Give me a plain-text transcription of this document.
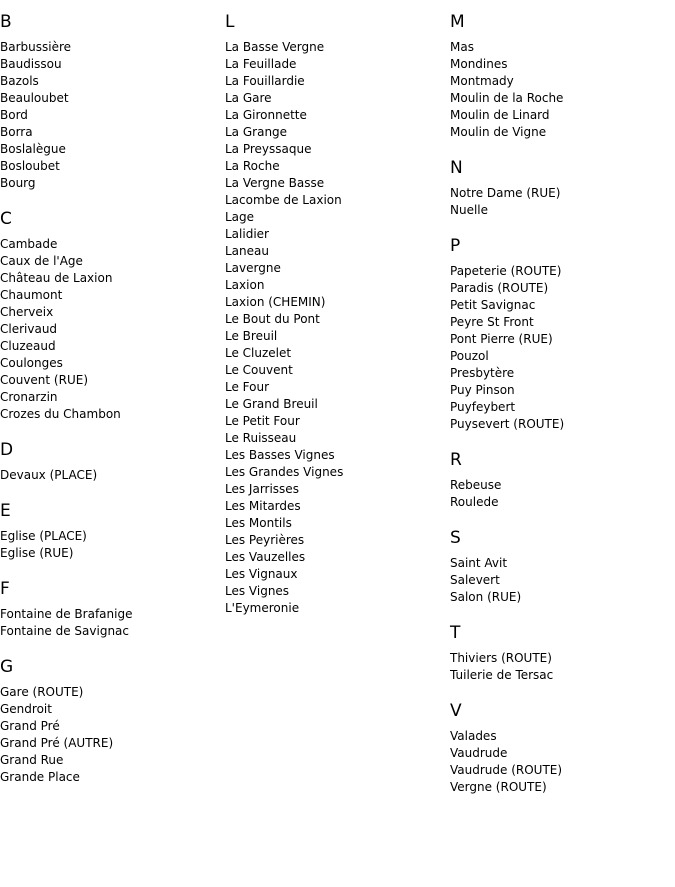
B
Barbussière
Baudissou
Bazols
Beauloubet
Bord
Borra
Boslalègue
Bosloubet
Bourg
C
Cambade
Caux de l'Age
Château de Laxion
Chaumont
Cherveix
Clerivaud
Cluzeaud
Coulonges
Couvent (RUE)
Cronarzin
Crozes du Chambon
D
Devaux (PLACE)
E
Eglise (PLACE)
Eglise (RUE)
F
Fontaine de Brafanige
Fontaine de Savignac
G
Gare (ROUTE)
Gendroit
Grand Pré
Grand Pré (AUTRE)
Grand Rue
Grande Place
L
La Basse Vergne
La Feuillade
La Fouillardie
La Gare
La Gironnette
La Grange
La Preyssaque
La Roche
La Vergne Basse
Lacombe de Laxion
Lage
Lalidier
Laneau
Lavergne
Laxion
Laxion (CHEMIN)
Le Bout du Pont
Le Breuil
Le Cluzelet
Le Couvent
Le Four
Le Grand Breuil
Le Petit Four
Le Ruisseau
Les Basses Vignes
Les Grandes Vignes
Les Jarrisses
Les Mitardes
Les Montils
Les Peyrières
Les Vauzelles
Les Vignaux
Les Vignes
L'Eymeronie
M
Mas
Mondines
Montmady
Moulin de la Roche
Moulin de Linard
Moulin de Vigne
N
Notre Dame (RUE)
Nuelle
P
Papeterie (ROUTE)
Paradis (ROUTE)
Petit Savignac
Peyre St Front
Pont Pierre (RUE)
Pouzol
Presbytère
Puy Pinson
Puyfeybert
Puysevert (ROUTE)
R
Rebeuse
Roulede
S
Saint Avit
Salevert
Salon (RUE)
T
Thiviers (ROUTE)
Tuilerie de Tersac
V
Valades
Vaudrude
Vaudrude (ROUTE)
Vergne (ROUTE)
